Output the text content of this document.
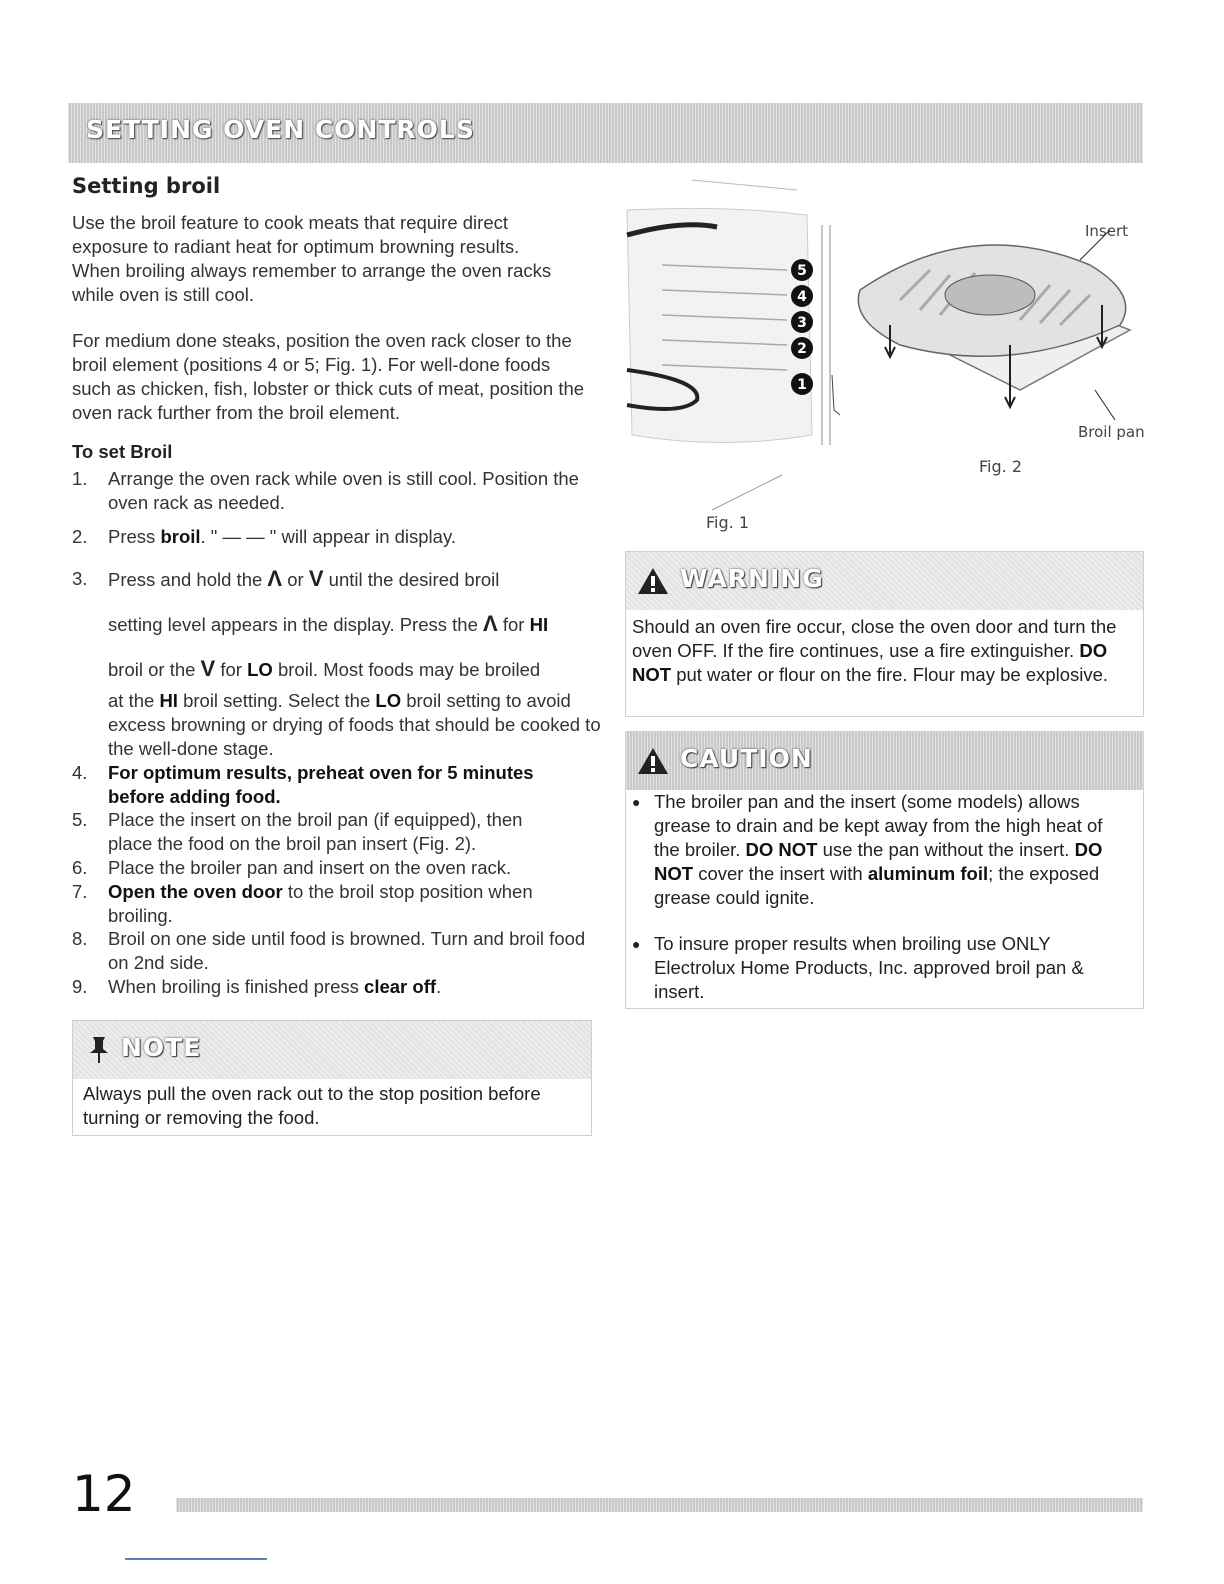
SETTING OVEN CONTROLS
Setting broil
Use the broil feature to cook meats that require direct exposure to radiant heat for optimum browning results. When broiling always remember to arrange the oven racks while oven is still cool.
For medium done steaks, position the oven rack closer to the broil element (positions 4 or 5; Fig. 1). For well-done foods such as chicken, fish, lobster or thick cuts of meat, position the oven rack further from the broil element.
To set Broil
1. Arrange the oven rack while oven is still cool. Position the oven rack as needed.
2. Press broil. " — — " will appear in display.
3. Press and hold the Λ or V until the desired broil
setting level appears in the display. Press the Λ for HI
broil or the V for LO broil. Most foods may be broiled
at the HI broil setting. Select the LO broil setting to avoid excess browning or drying of foods that should be cooked to the well-done stage.
4. For optimum results, preheat oven for 5 minutes before adding food.
5. Place the insert on the broil pan (if equipped), then place the food on the broil pan insert (Fig. 2).
6. Place the broiler pan and insert on the oven rack.
7. Open the oven door to the broil stop position when broiling.
8. Broil on one side until food is browned. Turn and broil food on 2nd side.
9. When broiling is finished press clear off.
5
4
3
2
1
Fig. 1
Insert
Broil pan
Fig. 2
WARNING
Should an oven fire occur, close the oven door and turn the oven OFF. If the fire continues, use a fire extinguisher. DO NOT put water or flour on the fire. Flour may be explosive.
CAUTION
● The broiler pan and the insert (some models) allows grease to drain and be kept away from the high heat of the broiler. DO NOT use the pan without the insert. DO NOT cover the insert with aluminum foil; the exposed grease could ignite.
● To insure proper results when broiling use ONLY Electrolux Home Products, Inc. approved broil pan & insert.
NOTE
Always pull the oven rack out to the stop position before turning or removing the food.
12
